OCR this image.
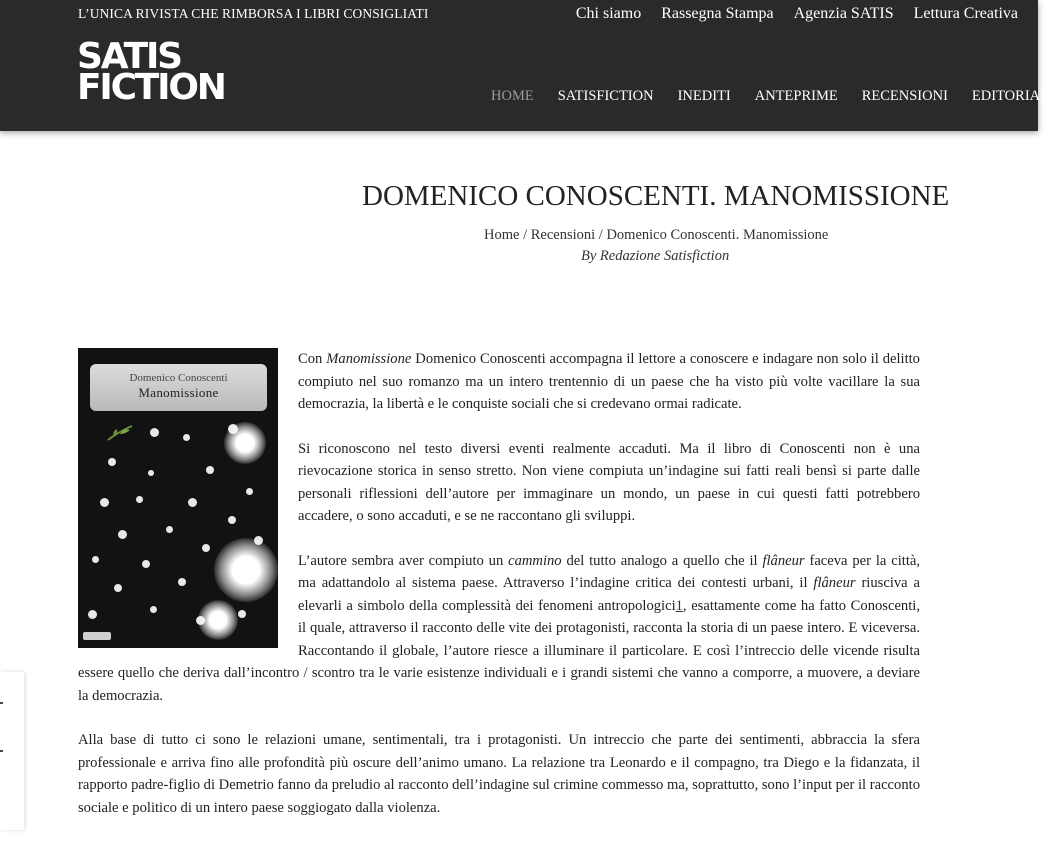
L’UNICA RIVISTA CHE RIMBORSA I LIBRI CONSIGLIATI	Chi siamo Rassegna Stampa Agenzia SATIS Lettura Creativa
SATIS
FICTION	HOME SATISFICTION INEDITI ANTEPRIME RECENSIONI EDITORIALI
DOMENICO CONOSCENTI. MANOMISSIONE
Home / Recensioni / Domenico Conoscenti. Manomissione
By Redazione Satisfiction
Domenico Conoscenti
Manomissione

Con Manomissione Domenico Conoscenti accompagna il lettore a conoscere e indagare non solo il delitto compiuto nel suo romanzo ma un intero trentennio di un paese che ha visto più volte vacillare la sua democrazia, la libertà e le conquiste sociali che si credevano ormai radicate.

Si riconoscono nel testo diversi eventi realmente accaduti. Ma il libro di Conoscenti non è una rievocazione storica in senso stretto. Non viene compiuta un’indagine sui fatti reali bensì si parte dalle personali riflessioni dell’autore per immaginare un mondo, un paese in cui questi fatti potrebbero accadere, o sono accaduti, e se ne raccontano gli sviluppi.

L’autore sembra aver compiuto un cammino del tutto analogo a quello che il flâneur faceva per la città, ma adattandolo al sistema paese. Attraverso l’indagine critica dei contesti urbani, il flâneur riusciva a elevarli a simbolo della complessità dei fenomeni antropologici1, esattamente come ha fatto Conoscenti, il quale, attraverso il racconto delle vite dei protagonisti, racconta la storia di un paese intero. E viceversa. Raccontando il globale, l’autore riesce a illuminare il particolare. E così l’intreccio delle vicende risulta essere quello che deriva dall’incontro / scontro tra le varie esistenze individuali e i grandi sistemi che vanno a comporre, a muovere, a deviare la democrazia.

Alla base di tutto ci sono le relazioni umane, sentimentali, tra i protagonisti. Un intreccio che parte dei sentimenti, abbraccia la sfera professionale e arriva fino alle profondità più oscure dell’animo umano. La relazione tra Leonardo e il compagno, tra Diego e la fidanzata, il rapporto padre-figlio di Demetrio fanno da preludio al racconto dell’indagine sul crimine commesso ma, soprattutto, sono l’input per il racconto sociale e politico di un intero paese soggiogato dalla violenza.
